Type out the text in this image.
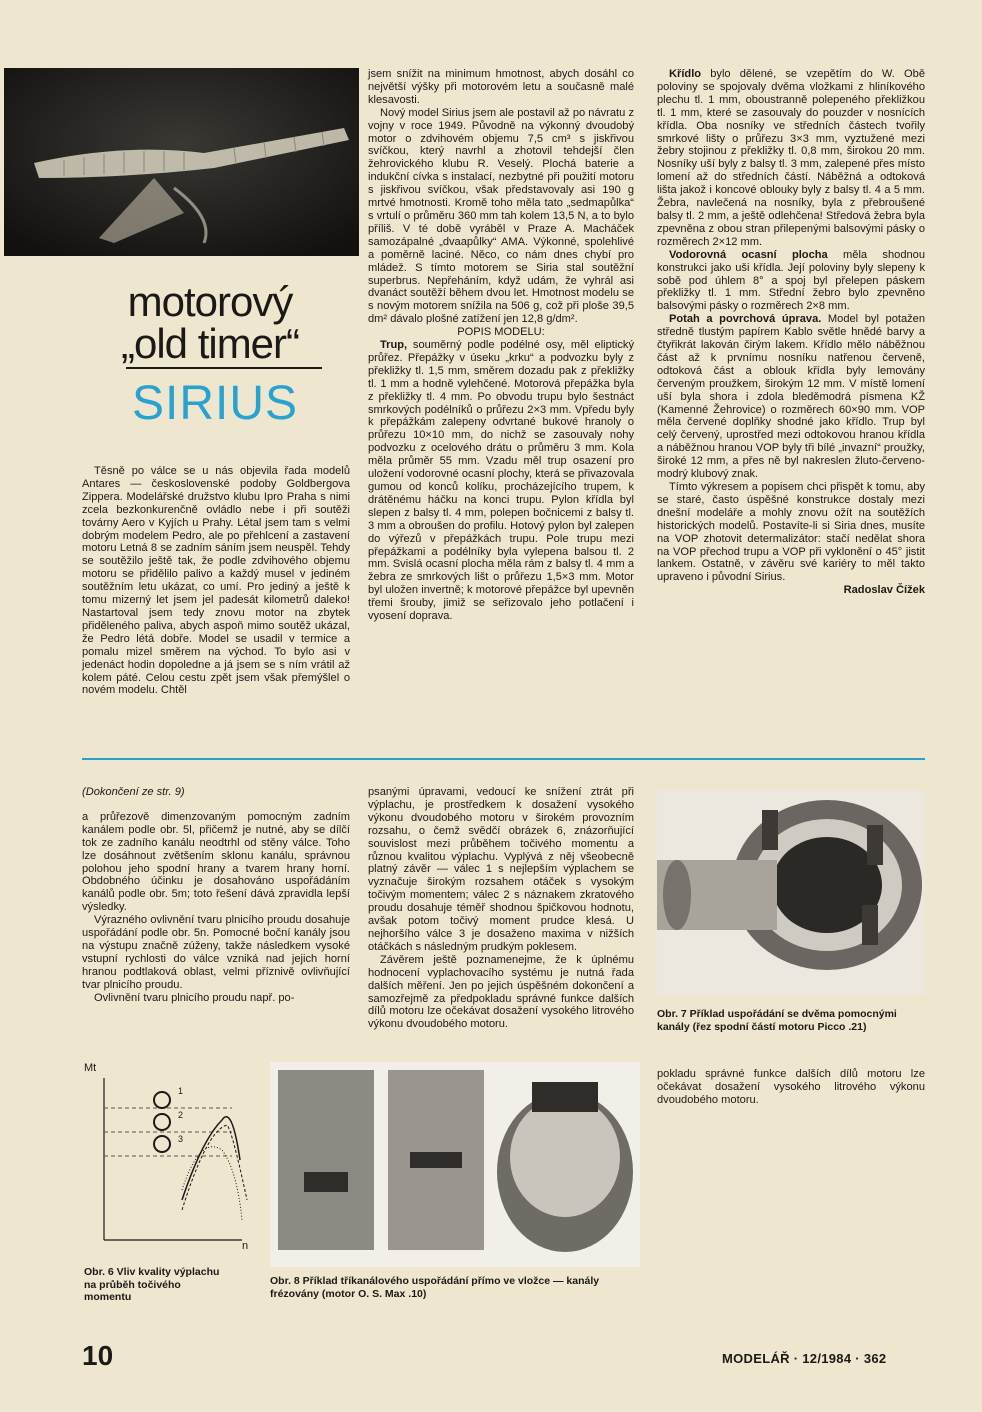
motorový
„old timer“
SIRIUS

Těsně po válce se u nás objevila řada modelů Antares — československé podoby Goldbergova Zippera. Modelářské družstvo klubu Ipro Praha s nimi zcela bezkonkurenčně ovládlo nebe i při soutěži továrny Aero v Kyjích u Prahy. Létal jsem tam s velmi dobrým modelem Pedro, ale po přehlcení a zastavení motoru Letná 8 se zadním sáním jsem neuspěl. Tehdy se soutěžilo ještě tak, že podle zdvihového objemu motoru se přidělilo palivo a každý musel v jediném soutěžním letu ukázat, co umí. Pro jediný a ještě k tomu mizerný let jsem jel padesát kilometrů daleko! Nastartoval jsem tedy znovu motor na zbytek přiděleného paliva, abych aspoň mimo soutěž ukázal, že Pedro létá dobře. Model se usadil v termice a pomalu mizel směrem na východ. To bylo asi v jedenáct hodin dopoledne a já jsem se s ním vrátil až kolem páté. Celou cestu zpět jsem však přemýšlel o novém modelu. Chtěl

jsem snížit na minimum hmotnost, abych dosáhl co největší výšky při motorovém letu a současně malé klesavosti.

Nový model Sirius jsem ale postavil až po návratu z vojny v roce 1949. Původně na výkonný dvoudobý motor o zdvihovém objemu 7,5 cm³ s jiskřivou svíčkou, který navrhl a zhotovil tehdejší člen žehrovického klubu R. Veselý. Plochá baterie a indukční cívka s instalací, nezbytné při použití motoru s jiskřivou svíčkou, však představovaly asi 190 g mrtvé hmotnosti. Kromě toho měla tato „sedmapůlka“ s vrtulí o průměru 360 mm tah kolem 13,5 N, a to bylo příliš. V té době vyráběl v Praze A. Macháček samozápalné „dvaapůlky“ AMA. Výkonné, spolehlivé a poměrně laciné. Něco, co nám dnes chybí pro mládež. S tímto motorem se Siria stal soutěžní superbrus. Nepřeháním, když udám, že vyhrál asi dvanáct soutěží během dvou let. Hmotnost modelu se s novým motorem snížila na 506 g, což při ploše 39,5 dm² dávalo plošné zatížení jen 12,8 g/dm².

POPIS MODELU:

Trup, souměrný podle podélné osy, měl eliptický průřez. Přepážky v úseku „krku“ a podvozku byly z překližky tl. 1,5 mm, směrem dozadu pak z překližky tl. 1 mm a hodně vylehčené. Motorová přepážka byla z překližky tl. 4 mm. Po obvodu trupu bylo šestnáct smrkových podélníků o průřezu 2×3 mm. Vpředu byly k přepážkám zalepeny odvrtané bukové hranoly o průřezu 10×10 mm, do nichž se zasouvaly nohy podvozku z ocelového drátu o průměru 3 mm. Kola měla průměr 55 mm. Vzadu měl trup osazení pro uložení vodorovné ocasní plochy, která se přivazovala gumou od konců kolíku, procházejícího trupem, k drátěnému háčku na konci trupu. Pylon křídla byl slepen z balsy tl. 4 mm, polepen bočnicemi z balsy tl. 3 mm a obroušen do profilu. Hotový pylon byl zalepen do výřezů v přepážkách trupu. Pole trupu mezi přepážkami a podélníky byla vylepena balsou tl. 2 mm. Svislá ocasní plocha měla rám z balsy tl. 4 mm a žebra ze smrkových lišt o průřezu 1,5×3 mm. Motor byl uložen invertně; k motorové přepážce byl upevněn třemi šrouby, jimiž se seřizovalo jeho potlačení i vyosení doprava.

Křídlo bylo dělené, se vzepětím do W. Obě poloviny se spojovaly dvěma vložkami z hliníkového plechu tl. 1 mm, oboustranně polepeného překližkou tl. 1 mm, které se zasouvaly do pouzder v nosnících křídla. Oba nosníky ve středních částech tvořily smrkové lišty o průřezu 3×3 mm, vyztužené mezi žebry stojinou z překližky tl. 0,8 mm, širokou 20 mm. Nosníky uší byly z balsy tl. 3 mm, zalepené přes místo lomení až do středních částí. Náběžná a odtoková lišta jakož i koncové oblouky byly z balsy tl. 4 a 5 mm. Žebra, navlečená na nosníky, byla z přebroušené balsy tl. 2 mm, a ještě odlehčena! Středová žebra byla zpevněna z obou stran přilepenými balsovými pásky o rozměrech 2×12 mm.

Vodorovná ocasní plocha měla shodnou konstrukci jako uši křídla. Její poloviny byly slepeny k sobě pod úhlem 8° a spoj byl přelepen páskem překližky tl. 1 mm. Střední žebro bylo zpevněno balsovými pásky o rozměrech 2×8 mm.

Potah a povrchová úprava. Model byl potažen středně tlustým papírem Kablo světle hnědé barvy a čtyřikrát lakován čirým lakem. Křídlo mělo náběžnou část až k prvnímu nosníku natřenou červeně, odtoková část a oblouk křídla byly lemovány červeným proužkem, širokým 12 mm. V místě lomení uší byla shora i zdola bleděmodrá písmena KŽ (Kamenné Žehrovice) o rozměrech 60×90 mm. VOP měla červené doplňky shodné jako křídlo. Trup byl celý červený, uprostřed mezi odtokovou hranou křídla a náběžnou hranou VOP byly tři bílé „invazní“ proužky, široké 12 mm, a přes ně byl nakreslen žluto-červeno-modrý klubový znak.

Tímto výkresem a popisem chci přispět k tomu, aby se staré, často úspěšné konstrukce dostaly mezi dnešní modeláře a mohly znovu ožít na soutěžích historických modelů. Postavíte-li si Siria dnes, musíte na VOP zhotovit determalizátor: stačí nedělat shora na VOP přechod trupu a VOP při vyklonění o 45° jistit lankem. Ostatně, v závěru své kariéry to měl takto upraveno i původní Sirius.

Radoslav Čížek

(Dokončení ze str. 9)

a průřezově dimenzovaným pomocným zadním kanálem podle obr. 5l, přičemž je nutné, aby se dílčí tok ze zadního kanálu neodtrhl od stěny válce. Toho lze dosáhnout zvětšením sklonu kanálu, správnou polohou jeho spodní hrany a tvarem hrany horní. Obdobného účinku je dosahováno uspořádáním kanálů podle obr. 5m; toto řešení dává zpravidla lepší výsledky.

Výrazného ovlivnění tvaru plnicího proudu dosahuje uspořádání podle obr. 5n. Pomocné boční kanály jsou na výstupu značně zúženy, takže následkem vysoké vstupní rychlosti do válce vzniká nad jejich horní hranou podtlaková oblast, velmi příznivě ovlivňující tvar plnicího proudu.

Ovlivnění tvaru plnicího proudu např. po-

psanými úpravami, vedoucí ke snížení ztrát při výplachu, je prostředkem k dosažení vysokého výkonu dvoudobého motoru v širokém provozním rozsahu, o čemž svědčí obrázek 6, znázorňující souvislost mezi průběhem točivého momentu a různou kvalitou výplachu. Vyplývá z něj všeobecně platný závěr — válec 1 s nejlepším výplachem se vyznačuje širokým rozsahem otáček s vysokým točivým momentem; válec 2 s náznakem zkratového proudu dosahuje téměř shodnou špičkovou hodnotu, avšak potom točivý moment prudce klesá. U nejhoršího válce 3 je dosaženo maxima v nižších otáčkách s následným prudkým poklesem.

Závěrem ještě poznamenejme, že k úplnému hodnocení vyplachovacího systému je nutná řada dalších měření. Jen po jejich úspěšném dokončení a samozřejmě za předpokladu správné funkce dalších dílů motoru lze očekávat dosažení vysokého litrového výkonu dvoudobého motoru.

Obr. 7 Příklad uspořádání se dvěma pomocnými kanály (řez spodní částí motoru Picco .21)

pokladu správné funkce dalších dílů motoru lze očekávat dosažení vysokého litrového výkonu dvoudobého motoru.

Mt
n
1
2
3
Obr. 6 Vliv kvality výplachu na průběh točivého momentu
Obr. 8 Příklad tříkanálového uspořádání přímo ve vložce — kanály frézovány (motor O. S. Max .10)
10	MODELÁŘ · 12/1984 · 362
